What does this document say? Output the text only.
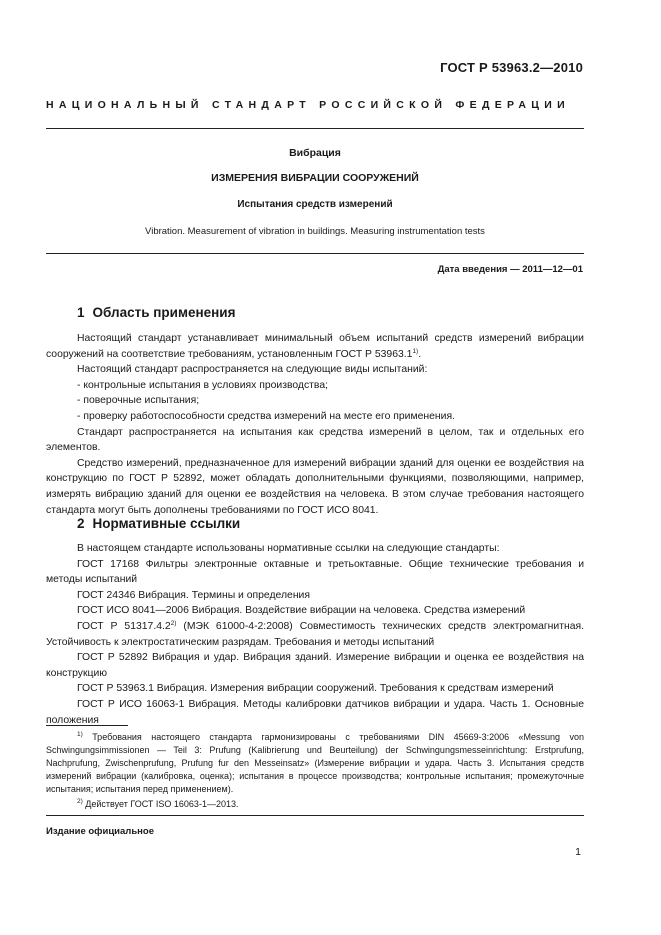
ГОСТ Р 53963.2—2010
НАЦИОНАЛЬНЫЙ СТАНДАРТ РОССИЙСКОЙ ФЕДЕРАЦИИ
Вибрация
ИЗМЕРЕНИЯ ВИБРАЦИИ СООРУЖЕНИЙ
Испытания средств измерений
Vibration. Measurement of vibration in buildings. Measuring instrumentation tests
Дата введения — 2011—12—01
1 Область применения

Настоящий стандарт устанавливает минимальный объем испытаний средств измерений вибрации сооружений на соответствие требованиям, установленным ГОСТ Р 53963.1$^{1)}$.

Настоящий стандарт распространяется на следующие виды испытаний:

- контрольные испытания в условиях производства;

- поверочные испытания;

- проверку работоспособности средства измерений на месте его применения.

Стандарт распространяется на испытания как средства измерений в целом, так и отдельных его элементов.

Средство измерений, предназначенное для измерений вибрации зданий для оценки ее воздействия на конструкцию по ГОСТ Р 52892, может обладать дополнительными функциями, позволяющими, например, измерять вибрацию зданий для оценки ее воздействия на человека. В этом случае требования настоящего стандарта могут быть дополнены требованиями по ГОСТ ИСО 8041.

2 Нормативные ссылки

В настоящем стандарте использованы нормативные ссылки на следующие стандарты:

ГОСТ 17168 Фильтры электронные октавные и третьоктавные. Общие технические требования и методы испытаний

ГОСТ 24346 Вибрация. Термины и определения

ГОСТ ИСО 8041—2006 Вибрация. Воздействие вибрации на человека. Средства измерений

ГОСТ Р 51317.4.2$^{2)}$ (МЭК 61000-4-2:2008) Совместимость технических средств электромагнитная. Устойчивость к электростатическим разрядам. Требования и методы испытаний

ГОСТ Р 52892 Вибрация и удар. Вибрация зданий. Измерение вибрации и оценка ее воздействия на конструкцию

ГОСТ Р 53963.1 Вибрация. Измерения вибрации сооружений. Требования к средствам измерений

ГОСТ Р ИСО 16063-1 Вибрация. Методы калибровки датчиков вибрации и удара. Часть 1. Основные положения

$^{1)}$ Требования настоящего стандарта гармонизированы с требованиями DIN 45669-3:2006 «Messung von Schwingungsimmissionen — Teil 3: Prufung (Kalibrierung und Beurteilung) der Schwingungsmesseinrichtung: Erstprufung, Nachprufung, Zwischenprufung, Prufung fur den Messeinsatz» (Измерение вибрации и удара. Часть 3. Испытания средств измерений вибрации (калибровка, оценка); испытания в процессе производства; контрольные испытания; промежуточные испытания; испытания перед применением).

$^{2)}$ Действует ГОСТ ISO 16063-1—2013.

Издание официальное
1
